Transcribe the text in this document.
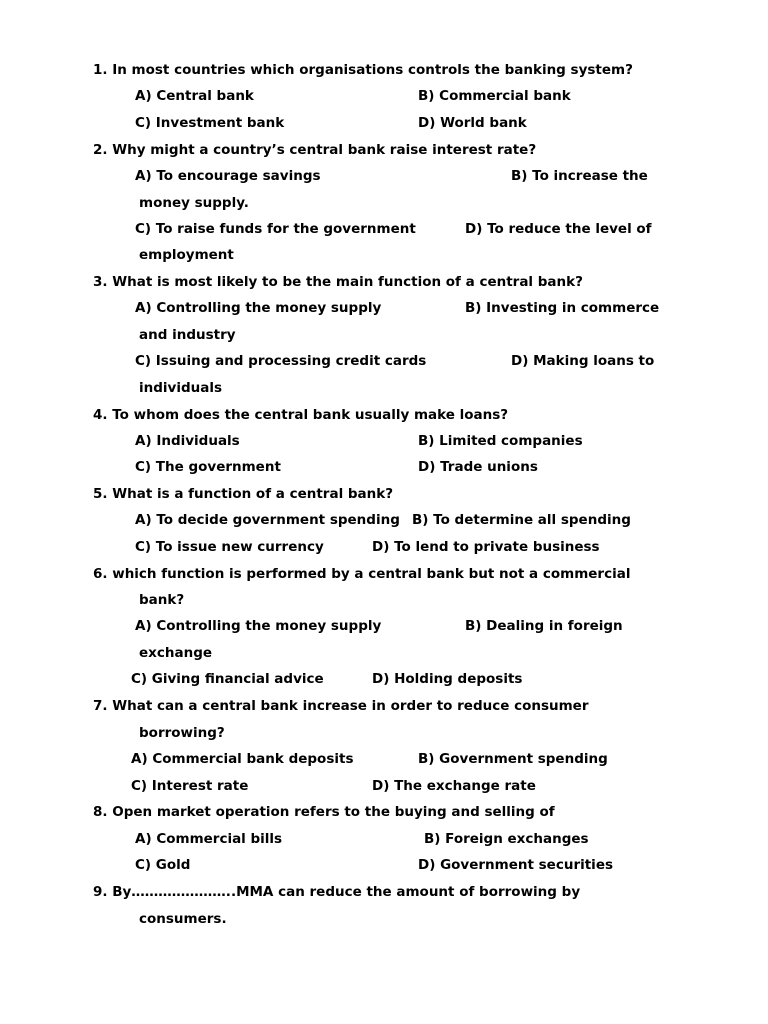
1. In most countries which organisations controls the banking system?
A) Central bank	B) Commercial bank
C) Investment bank	D) World bank
2. Why might a country’s central bank raise interest rate?
A) To encourage savings	B) To increase the
money supply.
C) To raise funds for the government	D) To reduce the level of
employment
3. What is most likely to be the main function of a central bank?
A) Controlling the money supply	B) Investing in commerce
and industry
C) Issuing and processing credit cards	D) Making loans to
individuals
4. To whom does the central bank usually make loans?
A) Individuals	B) Limited companies
C) The government	D) Trade unions
5. What is a function of a central bank?
A) To decide government spending B) To determine all spending
C) To issue new currency	D) To lend to private business
6. which function is performed by a central bank but not a commercial
bank?
A) Controlling the money supply	B) Dealing in foreign
exchange
C) Giving financial advice	D) Holding deposits
7. What can a central bank increase in order to reduce consumer
borrowing?
A) Commercial bank deposits	B) Government spending
C) Interest rate	D) The exchange rate
8. Open market operation refers to the buying and selling of
A) Commercial bills	B) Foreign exchanges
C) Gold	D) Government securities
9. By…………………..MMA can reduce the amount of borrowing by
consumers.
